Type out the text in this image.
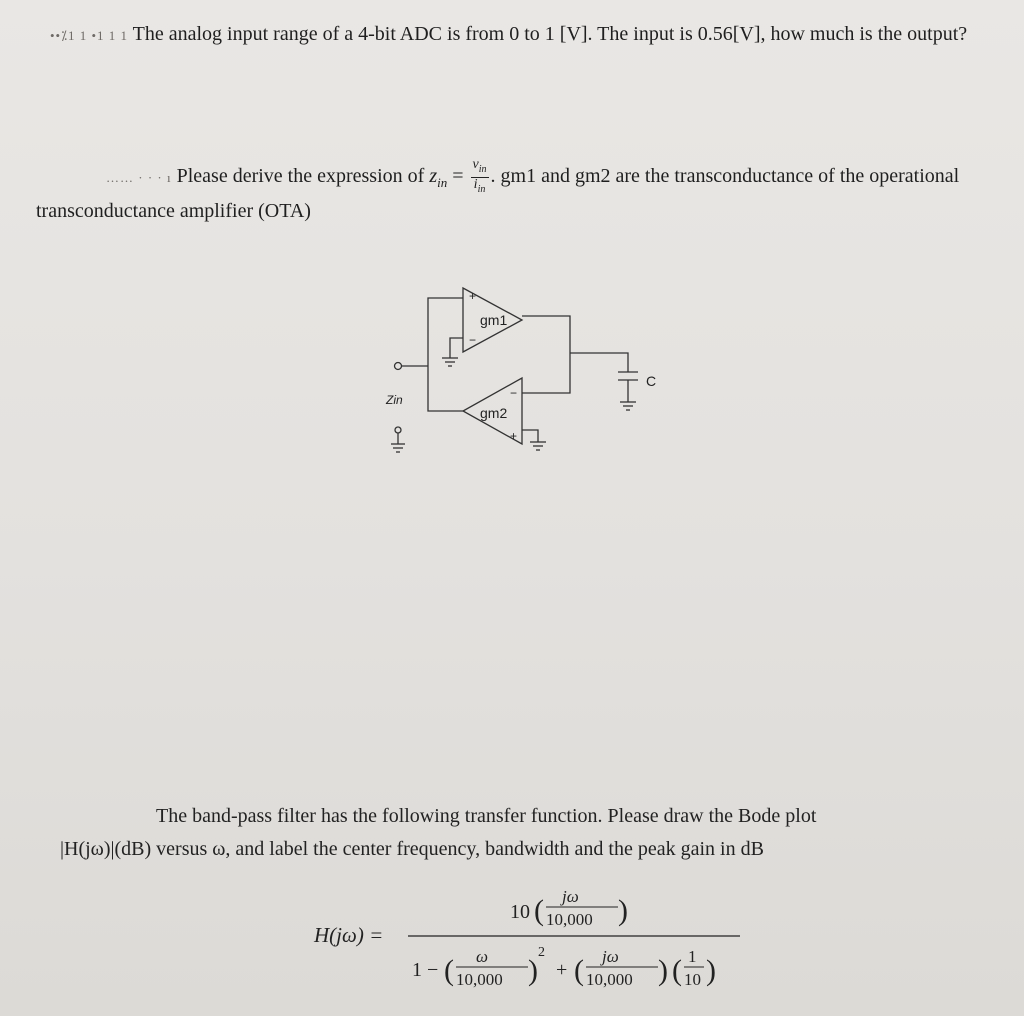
••⁒1 1 •1 1 1 The analog input range of a 4-bit ADC is from 0 to 1 [V]. The input is 0.56[V], how much is the output?
…… · · · ı Please derive the expression of $z_{in} = \frac{v_{in}}{i_{in}}$ . gm1 and gm2 are the transconductance of the operational transconductance amplifier (OTA)
gm1
+
−
gm2
−
+
C
Zin
The band-pass filter has the following transfer function. Please draw the Bode plot
|H(jω)|(dB) versus ω, and label the center frequency, bandwidth and the peak gain in dB
H(jω) =
10 ( jω
10,000 )
1 − ( ω
10,000 )
2
+ ( jω
10,000 ) ( 1
10 )
